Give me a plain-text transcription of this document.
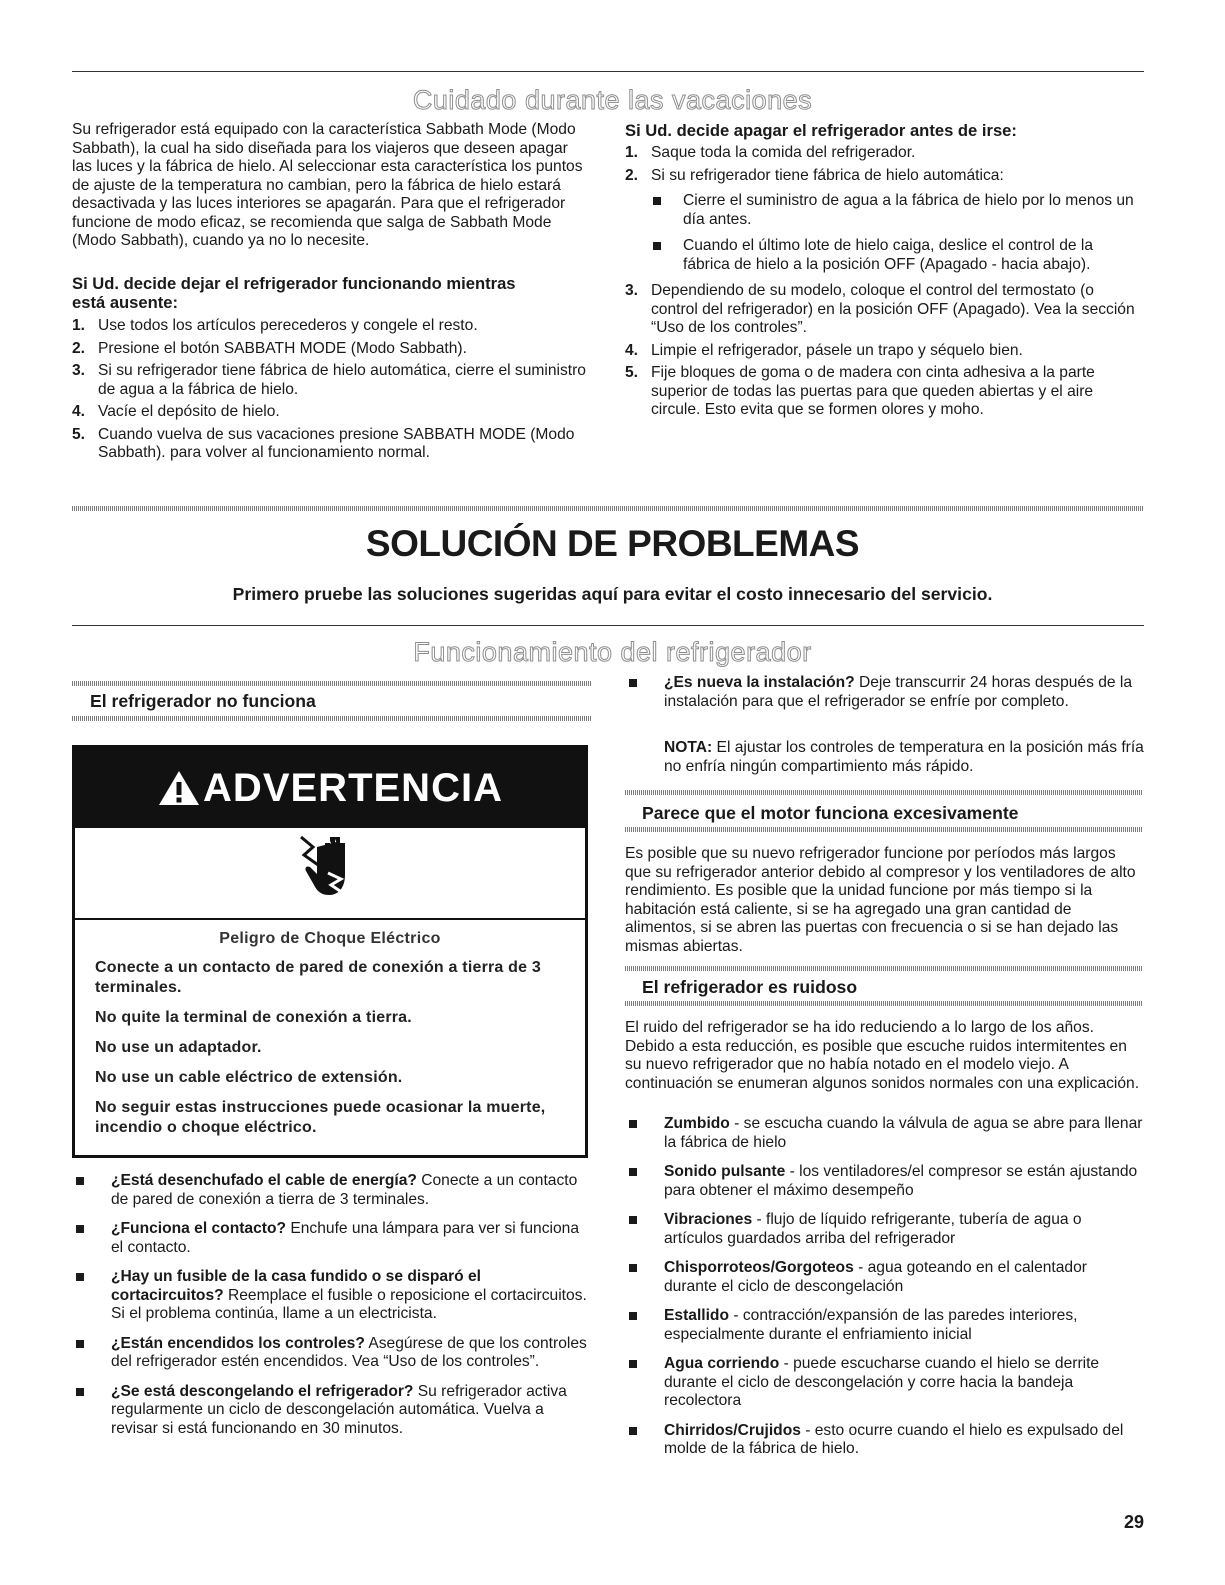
Cuidado durante las vacaciones
Su refrigerador está equipado con la característica Sabbath Mode (Modo Sabbath), la cual ha sido diseñada para los viajeros que deseen apagar las luces y la fábrica de hielo. Al seleccionar esta característica los puntos de ajuste de la temperatura no cambian, pero la fábrica de hielo estará desactivada y las luces interiores se apagarán. Para que el refrigerador funcione de modo eficaz, se recomienda que salga de Sabbath Mode (Modo Sabbath), cuando ya no lo necesite.
Si Ud. decide dejar el refrigerador funcionando mientras está ausente:
1. Use todos los artículos perecederos y congele el resto.
2. Presione el botón SABBATH MODE (Modo Sabbath).
3. Si su refrigerador tiene fábrica de hielo automática, cierre el suministro de agua a la fábrica de hielo.
4. Vacíe el depósito de hielo.
5. Cuando vuelva de sus vacaciones presione SABBATH MODE (Modo Sabbath). para volver al funcionamiento normal.
Si Ud. decide apagar el refrigerador antes de irse:
1. Saque toda la comida del refrigerador.
2. Si su refrigerador tiene fábrica de hielo automática:
Cierre el suministro de agua a la fábrica de hielo por lo menos un día antes.
Cuando el último lote de hielo caiga, deslice el control de la fábrica de hielo a la posición OFF (Apagado - hacia abajo).
3. Dependiendo de su modelo, coloque el control del termostato (o control del refrigerador) en la posición OFF (Apagado). Vea la sección “Uso de los controles”.
4. Limpie el refrigerador, pásele un trapo y séquelo bien.
5. Fije bloques de goma o de madera con cinta adhesiva a la parte superior de todas las puertas para que queden abiertas y el aire circule. Esto evita que se formen olores y moho.
SOLUCIÓN DE PROBLEMAS
Primero pruebe las soluciones sugeridas aquí para evitar el costo innecesario del servicio.
Funcionamiento del refrigerador
El refrigerador no funciona
ADVERTENCIA
Peligro de Choque Eléctrico
Conecte a un contacto de pared de conexión a tierra de 3 terminales.
No quite la terminal de conexión a tierra.
No use un adaptador.
No use un cable eléctrico de extensión.
No seguir estas instrucciones puede ocasionar la muerte, incendio o choque eléctrico.
¿Está desenchufado el cable de energía? Conecte a un contacto de pared de conexión a tierra de 3 terminales.
¿Funciona el contacto? Enchufe una lámpara para ver si funciona el contacto.
¿Hay un fusible de la casa fundido o se disparó el cortacircuitos? Reemplace el fusible o reposicione el cortacircuitos. Si el problema continúa, llame a un electricista.
¿Están encendidos los controles? Asegúrese de que los controles del refrigerador estén encendidos. Vea “Uso de los controles”.
¿Se está descongelando el refrigerador? Su refrigerador activa regularmente un ciclo de descongelación automática. Vuelva a revisar si está funcionando en 30 minutos.
¿Es nueva la instalación? Deje transcurrir 24 horas después de la instalación para que el refrigerador se enfríe por completo.
NOTA: El ajustar los controles de temperatura en la posición más fría no enfría ningún compartimiento más rápido.
Parece que el motor funciona excesivamente
Es posible que su nuevo refrigerador funcione por períodos más largos que su refrigerador anterior debido al compresor y los ventiladores de alto rendimiento. Es posible que la unidad funcione por más tiempo si la habitación está caliente, si se ha agregado una gran cantidad de alimentos, si se abren las puertas con frecuencia o si se han dejado las mismas abiertas.
El refrigerador es ruidoso
El ruido del refrigerador se ha ido reduciendo a lo largo de los años. Debido a esta reducción, es posible que escuche ruidos intermitentes en su nuevo refrigerador que no había notado en el modelo viejo. A continuación se enumeran algunos sonidos normales con una explicación.
Zumbido - se escucha cuando la válvula de agua se abre para llenar la fábrica de hielo
Sonido pulsante - los ventiladores/el compresor se están ajustando para obtener el máximo desempeño
Vibraciones - flujo de líquido refrigerante, tubería de agua o artículos guardados arriba del refrigerador
Chisporroteos/Gorgoteos - agua goteando en el calentador durante el ciclo de descongelación
Estallido - contracción/expansión de las paredes interiores, especialmente durante el enfriamiento inicial
Agua corriendo - puede escucharse cuando el hielo se derrite durante el ciclo de descongelación y corre hacia la bandeja recolectora
Chirridos/Crujidos - esto ocurre cuando el hielo es expulsado del molde de la fábrica de hielo.
29
